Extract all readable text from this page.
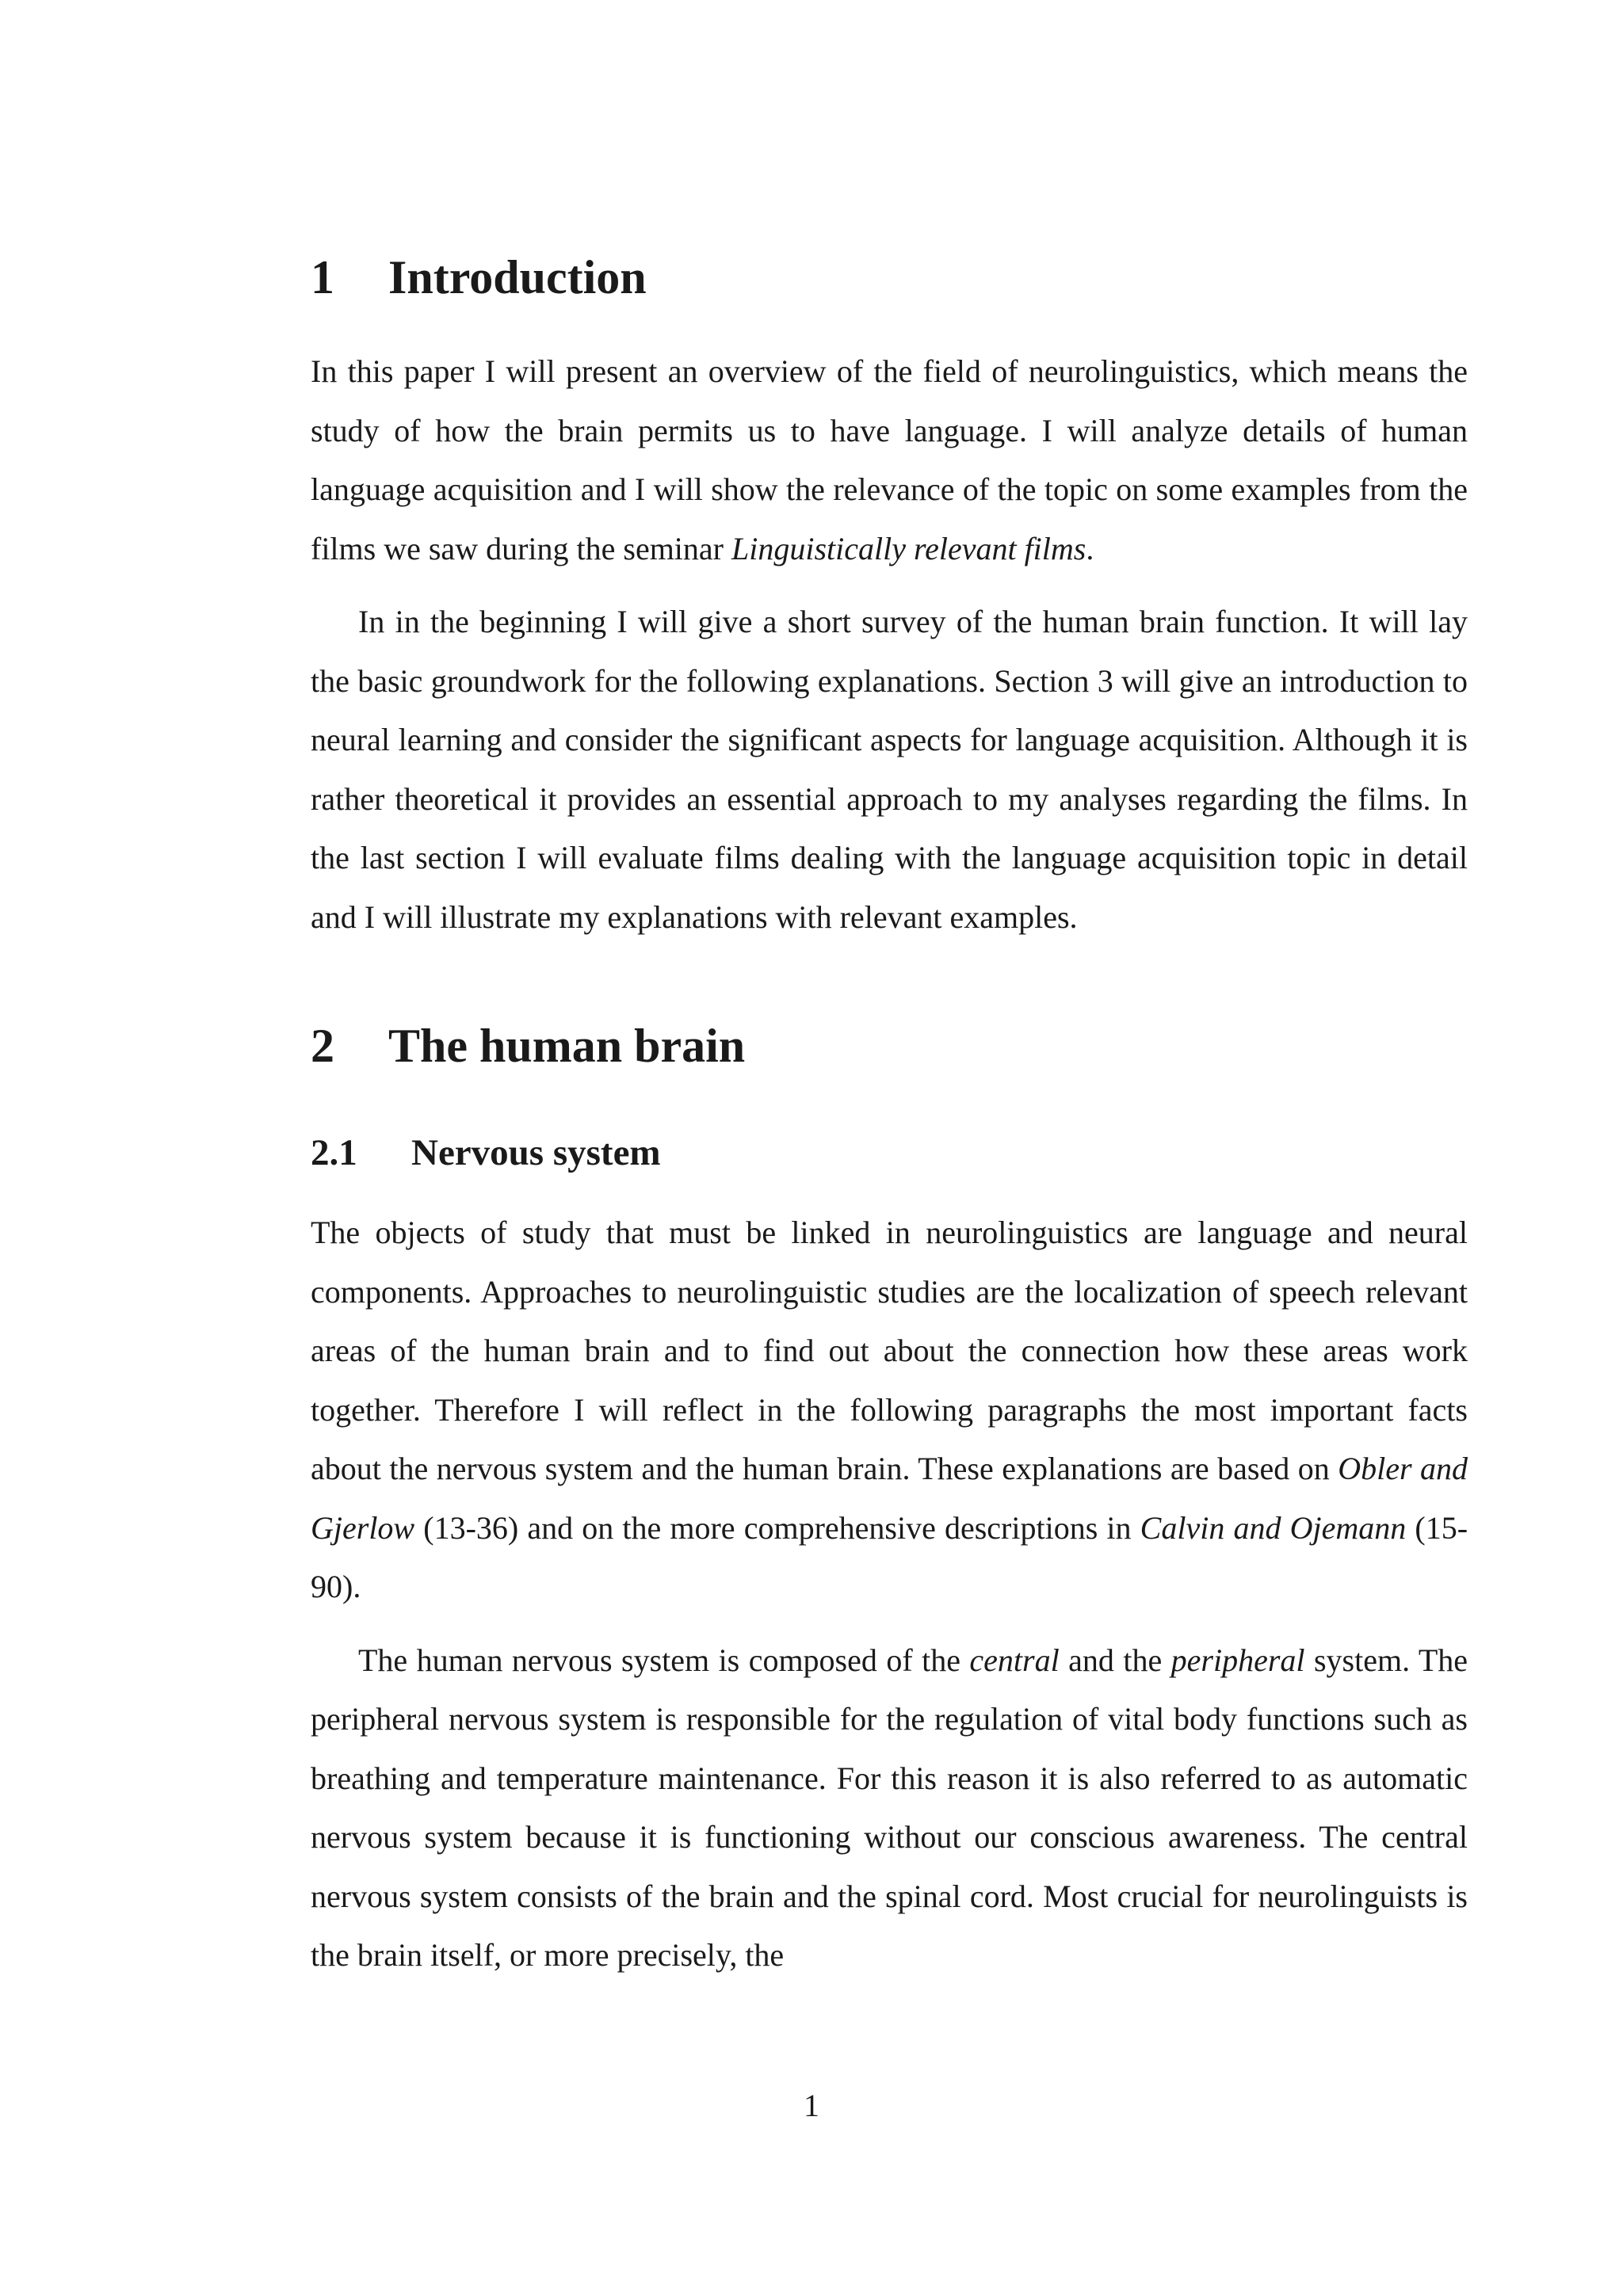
1 Introduction

In this paper I will present an overview of the field of neurolinguistics, which means the study of how the brain permits us to have language. I will analyze details of human language acquisition and I will show the relevance of the topic on some examples from the films we saw during the seminar Linguistically relevant films.

In in the beginning I will give a short survey of the human brain function. It will lay the basic groundwork for the following explanations. Section 3 will give an introduction to neural learning and consider the significant aspects for language acquisition. Although it is rather theoretical it provides an essential approach to my analyses regarding the films. In the last section I will evaluate films dealing with the language acquisition topic in detail and I will illustrate my explanations with relevant examples.

2 The human brain
2.1 Nervous system

The objects of study that must be linked in neurolinguistics are language and neural components. Approaches to neurolinguistic studies are the localization of speech relevant areas of the human brain and to find out about the connection how these areas work together. Therefore I will reflect in the following paragraphs the most important facts about the nervous system and the human brain. These explanations are based on Obler and Gjerlow (13-36) and on the more comprehensive descriptions in Calvin and Ojemann (15-90).

The human nervous system is composed of the central and the peripheral system. The peripheral nervous system is responsible for the regulation of vital body functions such as breathing and temperature maintenance. For this reason it is also referred to as automatic nervous system because it is functioning without our conscious awareness. The central nervous system consists of the brain and the spinal cord. Most crucial for neurolinguists is the brain itself, or more precisely, the

1
